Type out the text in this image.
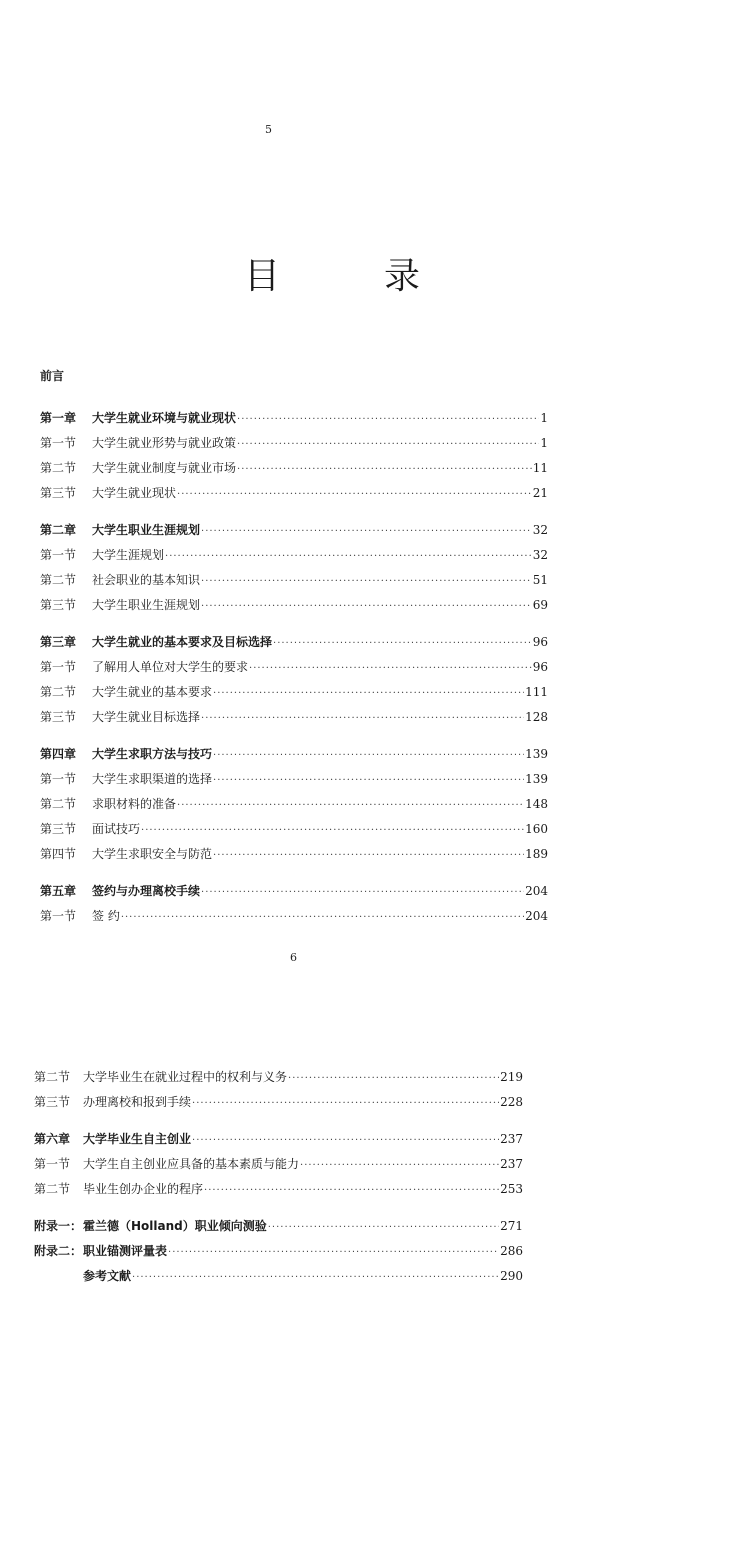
5
目　录
前言
第一章	大学生就业环境与就业现状 ·····	1
第一节	大学生就业形势与就业政策 ·····	1
第二节	大学生就业制度与就业市场 ·····	11
第三节	大学生就业现状 ·····	21
第二章	大学生职业生涯规划 ·····	32
第一节	大学生涯规划 ·····	32
第二节	社会职业的基本知识 ·····	51
第三节	大学生职业生涯规划 ·····	69
第三章	大学生就业的基本要求及目标选择 ·····	96
第一节	了解用人单位对大学生的要求 ·····	96
第二节	大学生就业的基本要求 ·····	111
第三节	大学生就业目标选择 ·····	128
第四章	大学生求职方法与技巧 ·····	139
第一节	大学生求职渠道的选择 ·····	139
第二节	求职材料的准备 ·····	148
第三节	面试技巧 ·····	160
第四节	大学生求职安全与防范 ·····	189
第五章	签约与办理离校手续 ·····	204
第一节	签 约 ·····	204
6
第二节	大学毕业生在就业过程中的权利与义务 ·····	219
第三节	办理离校和报到手续 ·····	228
第六章	大学毕业生自主创业 ·····	237
第一节	大学生自主创业应具备的基本素质与能力 ·····	237
第二节	毕业生创办企业的程序 ·····	253
附录一： 霍兰德（Holland）职业倾向测验 ·····	271
附录二： 职业锚测评量表 ·····	286
参考文献 ·····	290
